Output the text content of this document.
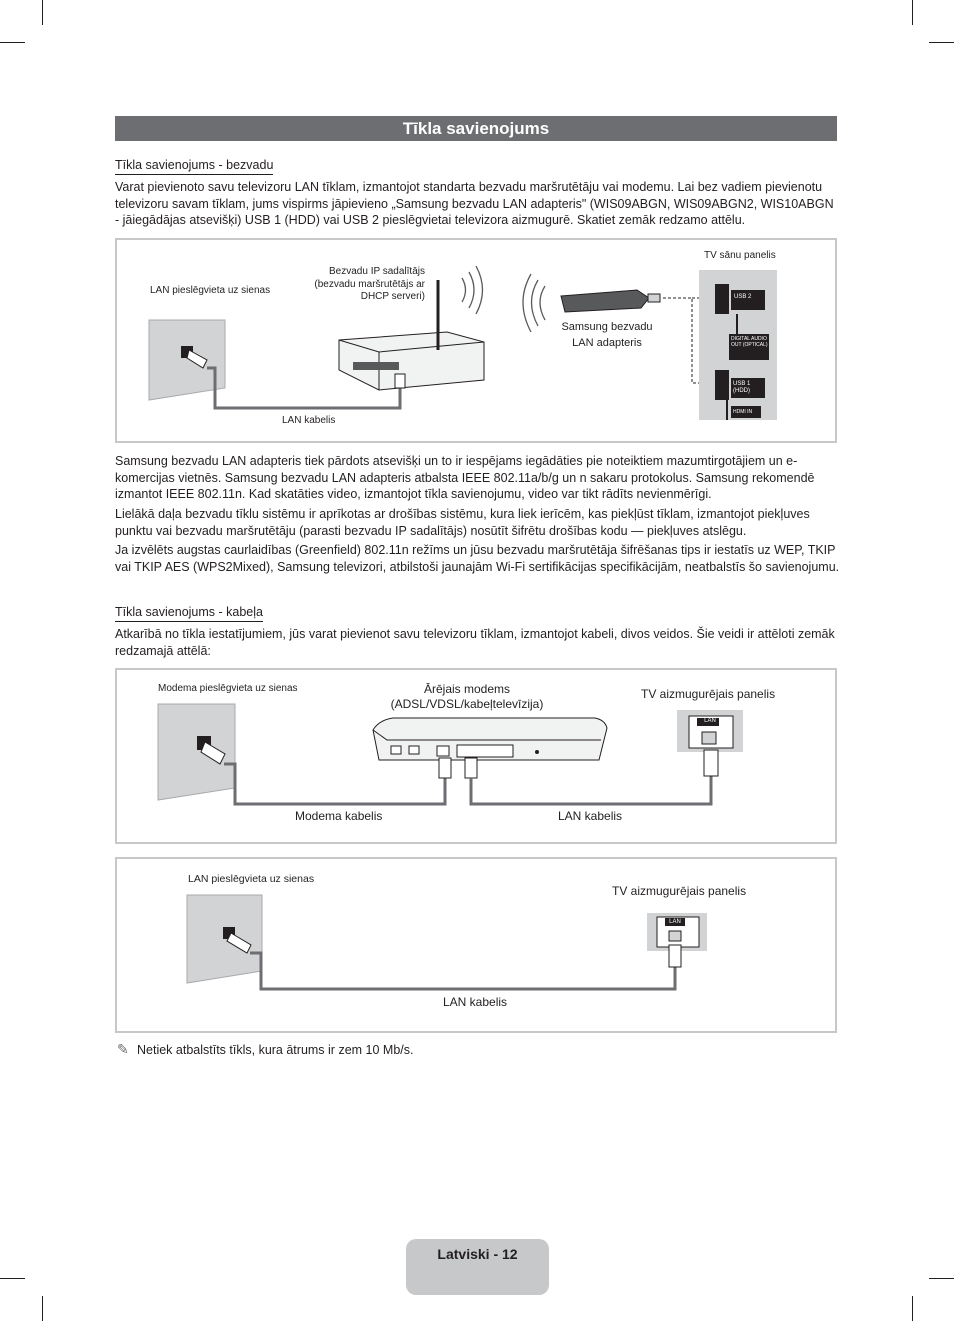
Tīkla savienojums
Tīkla savienojums - bezvadu
Varat pievienoto savu televizoru LAN tīklam, izmantojot standarta bezvadu maršrutētāju vai modemu. Lai bez vadiem pievienotu televizoru savam tīklam, jums vispirms jāpievieno „Samsung bezvadu LAN adapteris" (WIS09ABGN, WIS09ABGN2, WIS10ABGN - jāiegādājas atsevišķi) USB 1 (HDD) vai USB 2 pieslēgvietai televizora aizmugurē. Skatiet zemāk redzamo attēlu.
LAN pieslēgvieta uz sienas
Bezvadu IP sadalītājs (bezvadu maršrutētājs ar DHCP serveri)
Samsung bezvadu LAN adapteris
TV sānu panelis
LAN kabelis
USB 2
DIGITAL AUDIO OUT (OPTICAL)
USB 1 (HDD)
HDMI IN
Samsung bezvadu LAN adapteris tiek pārdots atsevišķi un to ir iespējams iegādāties pie noteiktiem mazumtirgotājiem un e-komercijas vietnēs. Samsung bezvadu LAN adapteris atbalsta IEEE 802.11a/b/g un n sakaru protokolus. Samsung rekomendē izmantot IEEE 802.11n. Kad skatāties video, izmantojot tīkla savienojumu, video var tikt rādīts nevienmērīgi.
Lielākā daļa bezvadu tīklu sistēmu ir aprīkotas ar drošības sistēmu, kura liek ierīcēm, kas piekļūst tīklam, izmantojot piekļuves punktu vai bezvadu maršrutētāju (parasti bezvadu IP sadalītājs) nosūtīt šifrētu drošības kodu — piekļuves atslēgu.
Ja izvēlēts augstas caurlaidības (Greenfield) 802.11n režīms un jūsu bezvadu maršrutētāja šifrēšanas tips ir iestatīs uz WEP, TKIP vai TKIP AES (WPS2Mixed), Samsung televizori, atbilstoši jaunajām Wi-Fi sertifikācijas specifikācijām, neatbalstīs šo savienojumu.
Tīkla savienojums - kabeļa
Atkarībā no tīkla iestatījumiem, jūs varat pievienot savu televizoru tīklam, izmantojot kabeli, divos veidos. Šie veidi ir attēloti zemāk redzamajā attēlā:
Modema pieslēgvieta uz sienas	Ārējais modems (ADSL/VDSL/kabeļtelevīzija)
TV aizmugurējais panelis
Modema kabelis	LAN kabelis
LAN
LAN pieslēgvieta uz sienas
TV aizmugurējais panelis
LAN kabelis
LAN
✎ Netiek atbalstīts tīkls, kura ātrums ir zem 10 Mb/s.
Latviski - 12
